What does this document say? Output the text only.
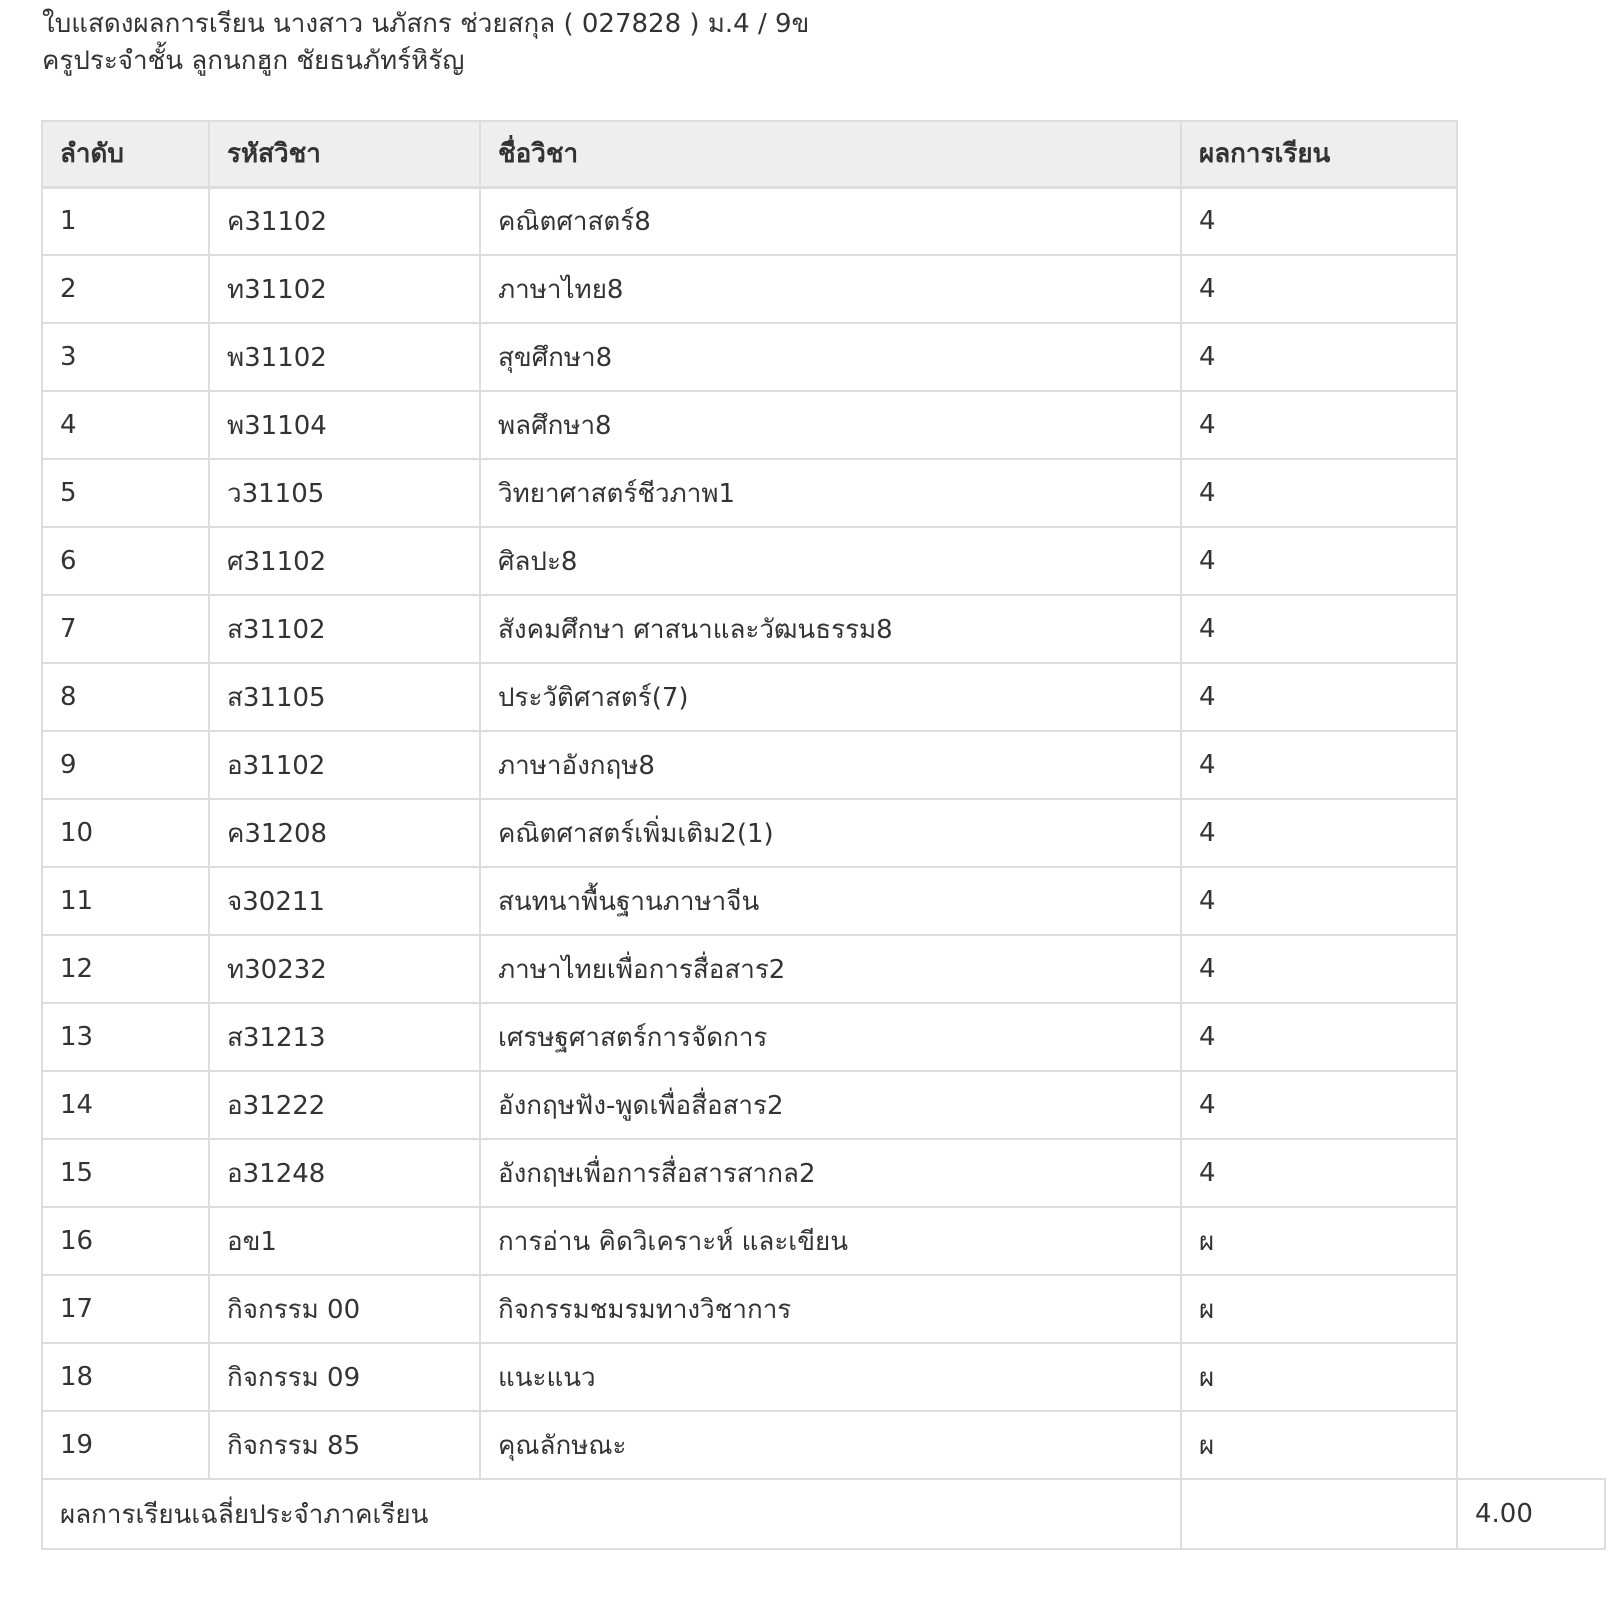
ใบแสดงผลการเรียน นางสาว นภัสกร ช่วยสกุล ( 027828 ) ม.4 / 9ข
ครูประจำชั้น ลูกนกฮูก ชัยธนภัทร์หิรัญ
ลำดับ	รหัสวิชา	ชื่อวิชา	ผลการเรียน	
1	ค31102	คณิตศาสตร์8	4	
2	ท31102	ภาษาไทย8	4	
3	พ31102	สุขศึกษา8	4	
4	พ31104	พลศึกษา8	4	
5	ว31105	วิทยาศาสตร์ชีวภาพ1	4	
6	ศ31102	ศิลปะ8	4	
7	ส31102	สังคมศึกษา ศาสนาและวัฒนธรรม8	4	
8	ส31105	ประวัติศาสตร์(7)	4	
9	อ31102	ภาษาอังกฤษ8	4	
10	ค31208	คณิตศาสตร์เพิ่มเติม2(1)	4	
11	จ30211	สนทนาพื้นฐานภาษาจีน	4	
12	ท30232	ภาษาไทยเพื่อการสื่อสาร2	4	
13	ส31213	เศรษฐศาสตร์การจัดการ	4	
14	อ31222	อังกฤษฟัง-พูดเพื่อสื่อสาร2	4	
15	อ31248	อังกฤษเพื่อการสื่อสารสากล2	4	
16	อข1	การอ่าน คิดวิเคราะห์ และเขียน	ผ	
17	กิจกรรม 00	กิจกรรมชมรมทางวิชาการ	ผ	
18	กิจกรรม 09	แนะแนว	ผ	
19	กิจกรรม 85	คุณลักษณะ	ผ	
ผลการเรียนเฉลี่ยประจำภาคเรียน				4.00
